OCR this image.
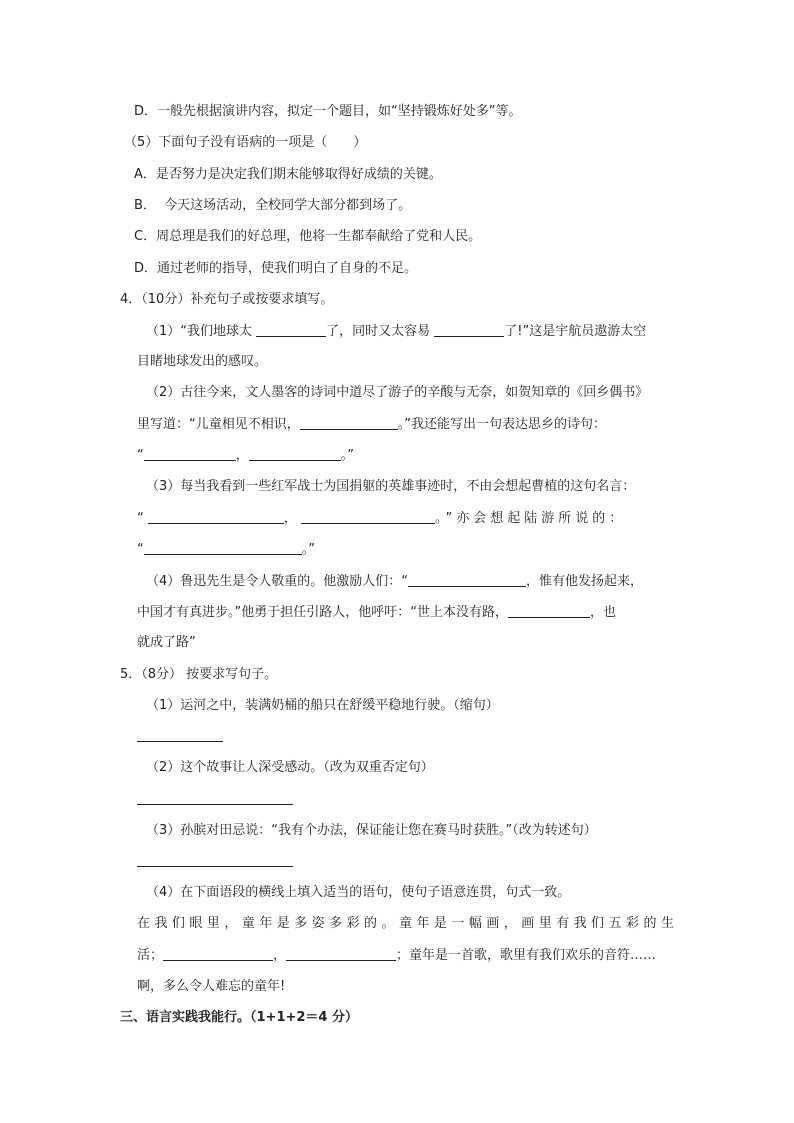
D．一般先根据演讲内容，拟定一个题目，如“坚持锻炼好处多”等。
（5）下面句子没有语病的一项是（　　）
A．是否努力是决定我们期末能够取得好成绩的关键。
B．  今天这场活动，全校同学大部分都到场了。
C．周总理是我们的好总理，他将一生都奉献给了党和人民。
D．通过老师的指导，使我们明白了自身的不足。
4．（10分）补充句子或按要求填写。
（1）“我们地球太	了，同时又太容易	了!”这是宇航员遨游太空
目睹地球发出的感叹。
（2）古往今来，文人墨客的诗词中道尽了游子的辛酸与无奈，如贺知章的《回乡偶书》
里写道：“儿童相见不相识，	。”我还能写出一句表达思乡的诗句：
“	，	。”
（3）每当我看到一些红军战士为国捐躯的英雄事迹时，不由会想起曹植的这句名言：
“	，	。”亦会想起陆游所说的：
“	。”
（4）鲁迅先生是令人敬重的。他激励人们：“	，惟有他发扬起来，
中国才有真进步。”他勇于担任引路人，他呼吁：“世上本没有路，	，也
就成了路”
5．（8分） 按要求写句子。
（1）运河之中，装满奶桶的船只在舒缓平稳地行驶。（缩句）
（2）这个故事让人深受感动。（改为双重否定句）
（3）孙膑对田忌说：“我有个办法，保证能让您在赛马时获胜。”（改为转述句）
（4）在下面语段的横线上填入适当的语句，使句子语意连贯，句式一致。
在我们眼里，童年是多姿多彩的。童年是一幅画，画里有我们五彩的生
活；	，	；童年是一首歌，歌里有我们欢乐的音符……
啊，多么令人难忘的童年!
三、语言实践我能行。（1+1+2＝4 分）
